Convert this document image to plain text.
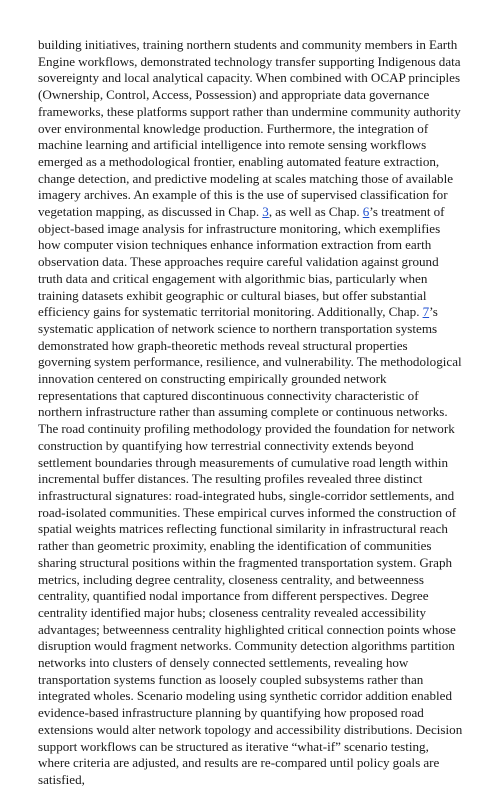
building initiatives, training northern students and community members in Earth Engine workflows, demonstrated technology transfer supporting Indigenous data sovereignty and local analytical capacity. When combined with OCAP principles (Ownership, Control, Access, Possession) and appropriate data governance frameworks, these platforms support rather than undermine community authority over environmental knowledge production. Furthermore, the integration of machine learning and artificial intelligence into remote sensing workflows emerged as a methodological frontier, enabling automated feature extraction, change detection, and predictive modeling at scales matching those of available imagery archives. An example of this is the use of supervised classification for vegetation mapping, as discussed in Chap. 3, as well as Chap. 6’s treatment of object-based image analysis for infrastructure monitoring, which exemplifies how computer vision techniques enhance information extraction from earth observation data. These approaches require careful validation against ground truth data and critical engagement with algorithmic bias, particularly when training datasets exhibit geographic or cultural biases, but offer substantial efficiency gains for systematic territorial monitoring. Additionally, Chap. 7’s systematic application of network science to northern transportation systems demonstrated how graph-theoretic methods reveal structural properties governing system performance, resilience, and vulnerability. The methodological innovation centered on constructing empirically grounded network representations that captured discontinuous connectivity characteristic of northern infrastructure rather than assuming complete or continuous networks. The road continuity profiling methodology provided the foundation for network construction by quantifying how terrestrial connectivity extends beyond settlement boundaries through measurements of cumulative road length within incremental buffer distances. The resulting profiles revealed three distinct infrastructural signatures: road-integrated hubs, single-corridor settlements, and road-isolated communities. These empirical curves informed the construction of spatial weights matrices reflecting functional similarity in infrastructural reach rather than geometric proximity, enabling the identification of communities sharing structural positions within the fragmented transportation system. Graph metrics, including degree centrality, closeness centrality, and betweenness centrality, quantified nodal importance from different perspectives. Degree centrality identified major hubs; closeness centrality revealed accessibility advantages; betweenness centrality highlighted critical connection points whose disruption would fragment networks. Community detection algorithms partition networks into clusters of densely connected settlements, revealing how transportation systems function as loosely coupled subsystems rather than integrated wholes. Scenario modeling using synthetic corridor addition enabled evidence-based infrastructure planning by quantifying how proposed road extensions would alter network topology and accessibility distributions. Decision support workflows can be structured as iterative “what-if” scenario testing, where criteria are adjusted, and results are re-compared until policy goals are satisfied,
